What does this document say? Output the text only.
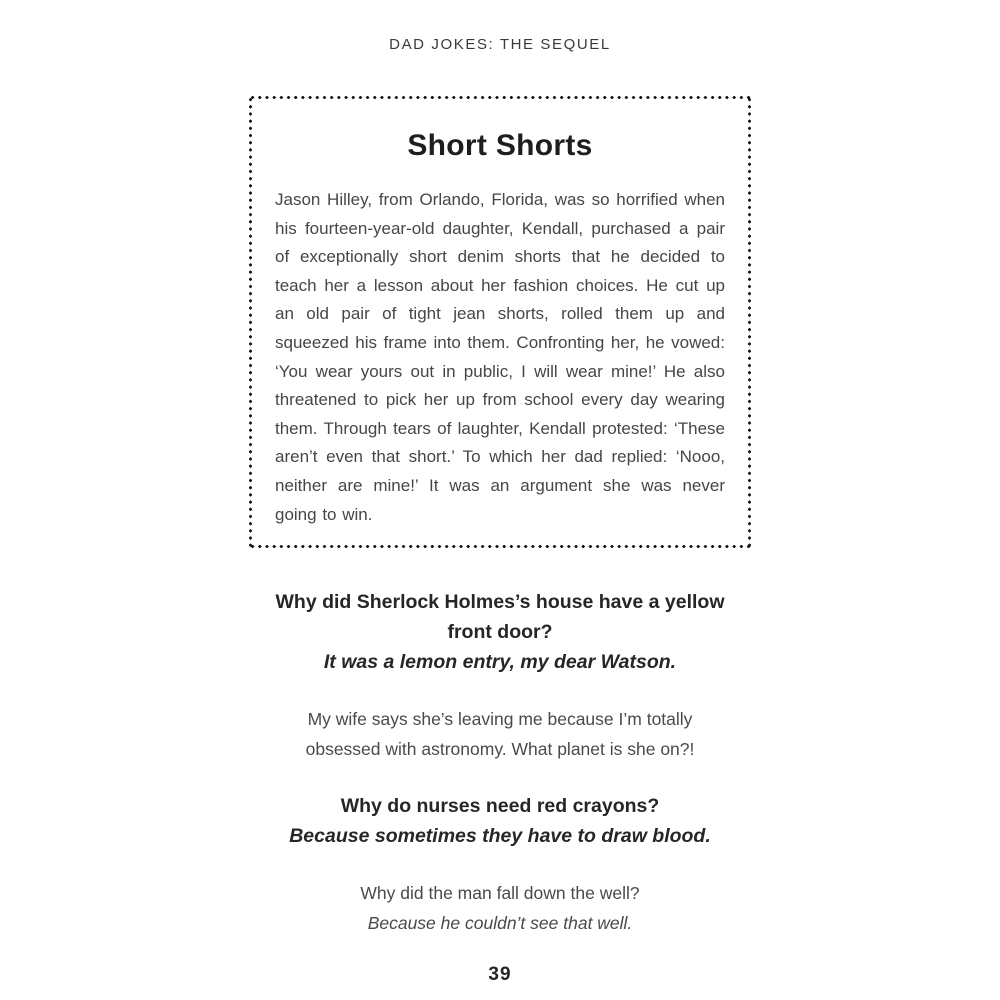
DAD JOKES: THE SEQUEL
Short Shorts

Jason Hilley, from Orlando, Florida, was so horrified when his fourteen-year-old daughter, Kendall, purchased a pair of exceptionally short denim shorts that he decided to teach her a lesson about her fashion choices. He cut up an old pair of tight jean shorts, rolled them up and squeezed his frame into them. Confronting her, he vowed: ‘You wear yours out in public, I will wear mine!’ He also threatened to pick her up from school every day wearing them. Through tears of laughter, Kendall protested: ‘These aren’t even that short.’ To which her dad replied: ‘Nooo, neither are mine!’ It was an argument she was never going to win.

Why did Sherlock Holmes’s house have a yellow front door?
It was a lemon entry, my dear Watson.
My wife says she’s leaving me because I’m totally obsessed with astronomy. What planet is she on?!
Why do nurses need red crayons?
Because sometimes they have to draw blood.
Why did the man fall down the well?
Because he couldn’t see that well.
39
